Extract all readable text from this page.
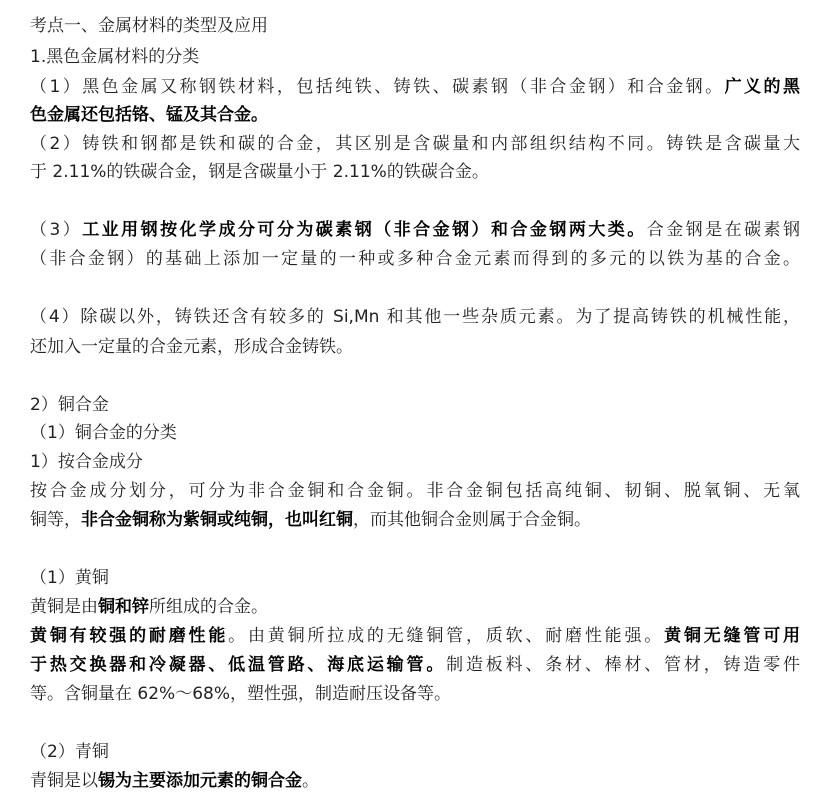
考点一、金属材料的类型及应用
1.黑色金属材料的分类
（1）黑色金属又称钢铁材料，包括纯铁、铸铁、碳素钢（非合金钢）和合金钢。广义的黑
色金属还包括铬、锰及其合金。
（2）铸铁和钢都是铁和碳的合金，其区别是含碳量和内部组织结构不同。铸铁是含碳量大
于 2.11%的铁碳合金，钢是含碳量小于 2.11%的铁碳合金。
（3）工业用钢按化学成分可分为碳素钢（非合金钢）和合金钢两大类。合金钢是在碳素钢
（非合金钢）的基础上添加一定量的一种或多种合金元素而得到的多元的以铁为基的合金。
（4）除碳以外，铸铁还含有较多的 Si,Mn 和其他一些杂质元素。为了提高铸铁的机械性能，
还加入一定量的合金元素，形成合金铸铁。
2）铜合金
（1）铜合金的分类
1）按合金成分
按合金成分划分，可分为非合金铜和合金铜。非合金铜包括高纯铜、韧铜、脱氧铜、无氧
铜等，非合金铜称为紫铜或纯铜，也叫红铜，而其他铜合金则属于合金铜。
（1）黄铜
黄铜是由铜和锌所组成的合金。
黄铜有较强的耐磨性能。由黄铜所拉成的无缝铜管，质软、耐磨性能强。黄铜无缝管可用
于热交换器和冷凝器、低温管路、海底运输管。制造板料、条材、棒材、管材，铸造零件
等。含铜量在 62%～68%，塑性强，制造耐压设备等。
（2）青铜
青铜是以锡为主要添加元素的铜合金。
